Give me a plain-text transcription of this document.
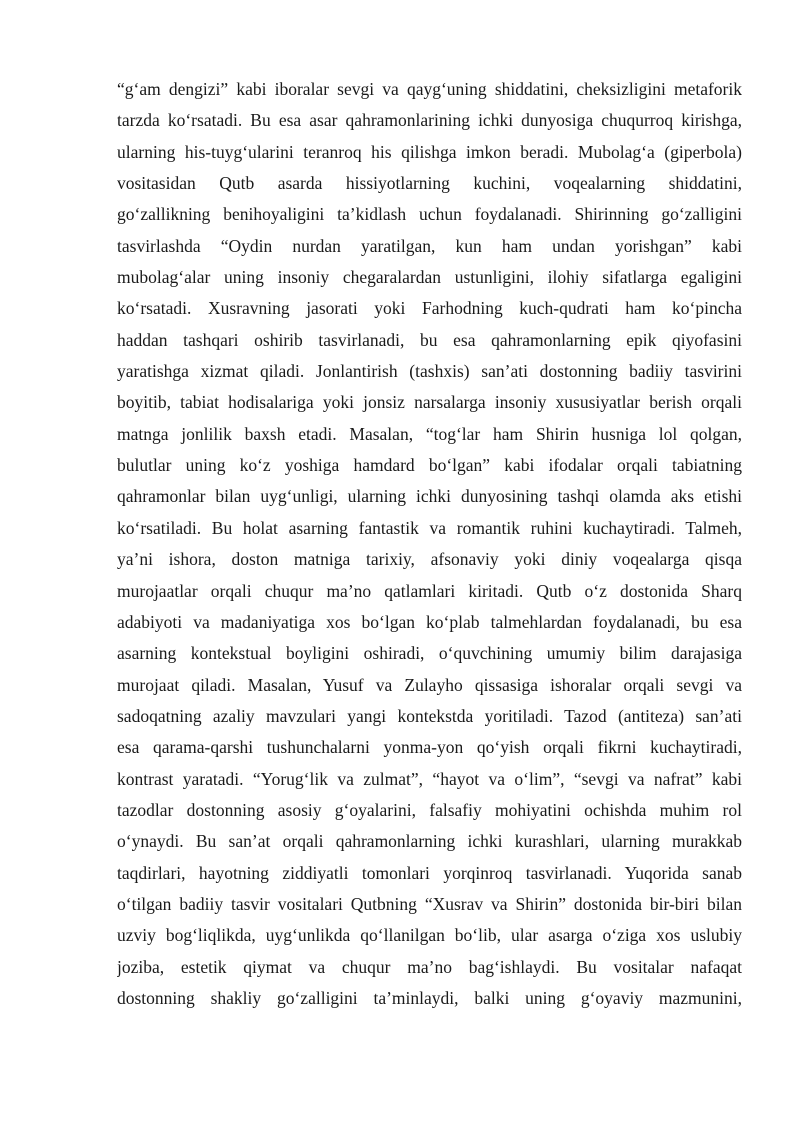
“g‘am dengizi” kabi iboralar sevgi va qayg‘uning shiddatini, cheksizligini metaforik
tarzda ko‘rsatadi. Bu esa asar qahramonlarining ichki dunyosiga chuqurroq kirishga,
ularning his-tuyg‘ularini teranroq his qilishga imkon beradi. Mubolag‘a (giperbola)
vositasidan Qutb asarda hissiyotlarning kuchini, voqealarning shiddatini,
go‘zallikning benihoyaligini ta’kidlash uchun foydalanadi. Shirinning go‘zalligini
tasvirlashda “Oydin nurdan yaratilgan, kun ham undan yorishgan” kabi
mubolag‘alar uning insoniy chegaralardan ustunligini, ilohiy sifatlarga egaligini
ko‘rsatadi. Xusravning jasorati yoki Farhodning kuch-qudrati ham ko‘pincha
haddan tashqari oshirib tasvirlanadi, bu esa qahramonlarning epik qiyofasini
yaratishga xizmat qiladi. Jonlantirish (tashxis) san’ati dostonning badiiy tasvirini
boyitib, tabiat hodisalariga yoki jonsiz narsalarga insoniy xususiyatlar berish orqali
matnga jonlilik baxsh etadi. Masalan, “tog‘lar ham Shirin husniga lol qolgan,
bulutlar uning ko‘z yoshiga hamdard bo‘lgan” kabi ifodalar orqali tabiatning
qahramonlar bilan uyg‘unligi, ularning ichki dunyosining tashqi olamda aks etishi
ko‘rsatiladi. Bu holat asarning fantastik va romantik ruhini kuchaytiradi. Talmeh,
ya’ni ishora, doston matniga tarixiy, afsonaviy yoki diniy voqealarga qisqa
murojaatlar orqali chuqur ma’no qatlamlari kiritadi. Qutb o‘z dostonida Sharq
adabiyoti va madaniyatiga xos bo‘lgan ko‘plab talmehlardan foydalanadi, bu esa
asarning kontekstual boyligini oshiradi, o‘quvchining umumiy bilim darajasiga
murojaat qiladi. Masalan, Yusuf va Zulayho qissasiga ishoralar orqali sevgi va
sadoqatning azaliy mavzulari yangi kontekstda yoritiladi. Tazod (antiteza) san’ati
esa qarama-qarshi tushunchalarni yonma-yon qo‘yish orqali fikrni kuchaytiradi,
kontrast yaratadi. “Yorug‘lik va zulmat”, “hayot va o‘lim”, “sevgi va nafrat” kabi
tazodlar dostonning asosiy g‘oyalarini, falsafiy mohiyatini ochishda muhim rol
o‘ynaydi. Bu san’at orqali qahramonlarning ichki kurashlari, ularning murakkab
taqdirlari, hayotning ziddiyatli tomonlari yorqinroq tasvirlanadi. Yuqorida sanab
o‘tilgan badiiy tasvir vositalari Qutbning “Xusrav va Shirin” dostonida bir-biri bilan
uzviy bog‘liqlikda, uyg‘unlikda qo‘llanilgan bo‘lib, ular asarga o‘ziga xos uslubiy
joziba, estetik qiymat va chuqur ma’no bag‘ishlaydi. Bu vositalar nafaqat
dostonning shakliy go‘zalligini ta’minlaydi, balki uning g‘oyaviy mazmunini,
